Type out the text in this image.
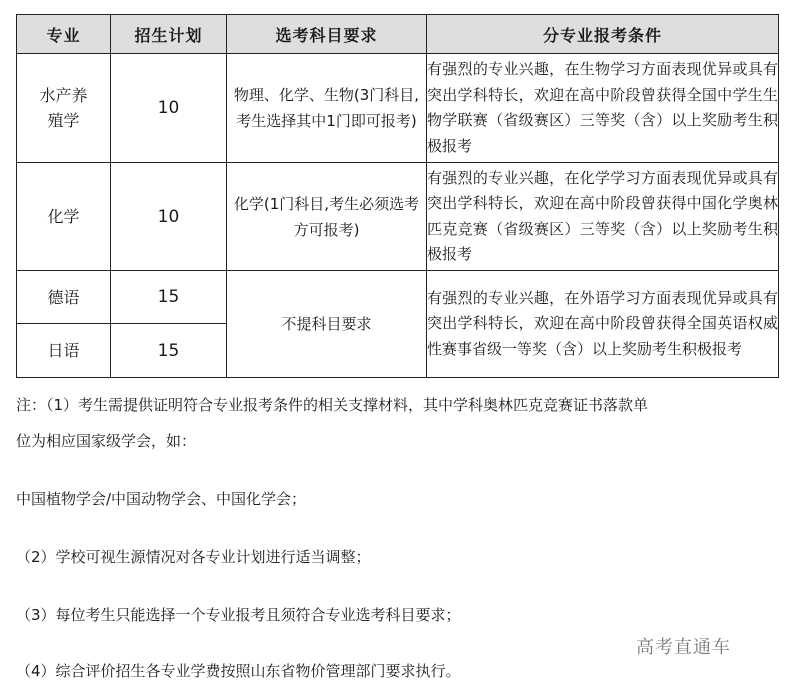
专业	招生计划	选考科目要求	分专业报考条件

水产养殖学	10	物理、化学、生物(3门科目,考生选择其中1门即可报考)	有强烈的专业兴趣，在生物学习方面表现优异或具有突出学科特长，欢迎在高中阶段曾获得全国中学生生物学联赛（省级赛区）三等奖（含）以上奖励考生积极报考
化学	10	化学(1门科目,考生必须选考方可报考)	有强烈的专业兴趣，在化学学习方面表现优异或具有突出学科特长，欢迎在高中阶段曾获得中国化学奥林匹克竞赛（省级赛区）三等奖（含）以上奖励考生积极报考
德语	15	不提科目要求	有强烈的专业兴趣，在外语学习方面表现优异或具有突出学科特长，欢迎在高中阶段曾获得全国英语权威性赛事省级一等奖（含）以上奖励考生积极报考
日语	15		
注：（1）考生需提供证明符合专业报考条件的相关支撑材料，其中学科奥林匹克竞赛证书落款单
位为相应国家级学会，如：
中国植物学会/中国动物学会、中国化学会；
（2）学校可视生源情况对各专业计划进行适当调整；
（3）每位考生只能选择一个专业报考且须符合专业选考科目要求；
（4）综合评价招生各专业学费按照山东省物价管理部门要求执行。
高考直通车
